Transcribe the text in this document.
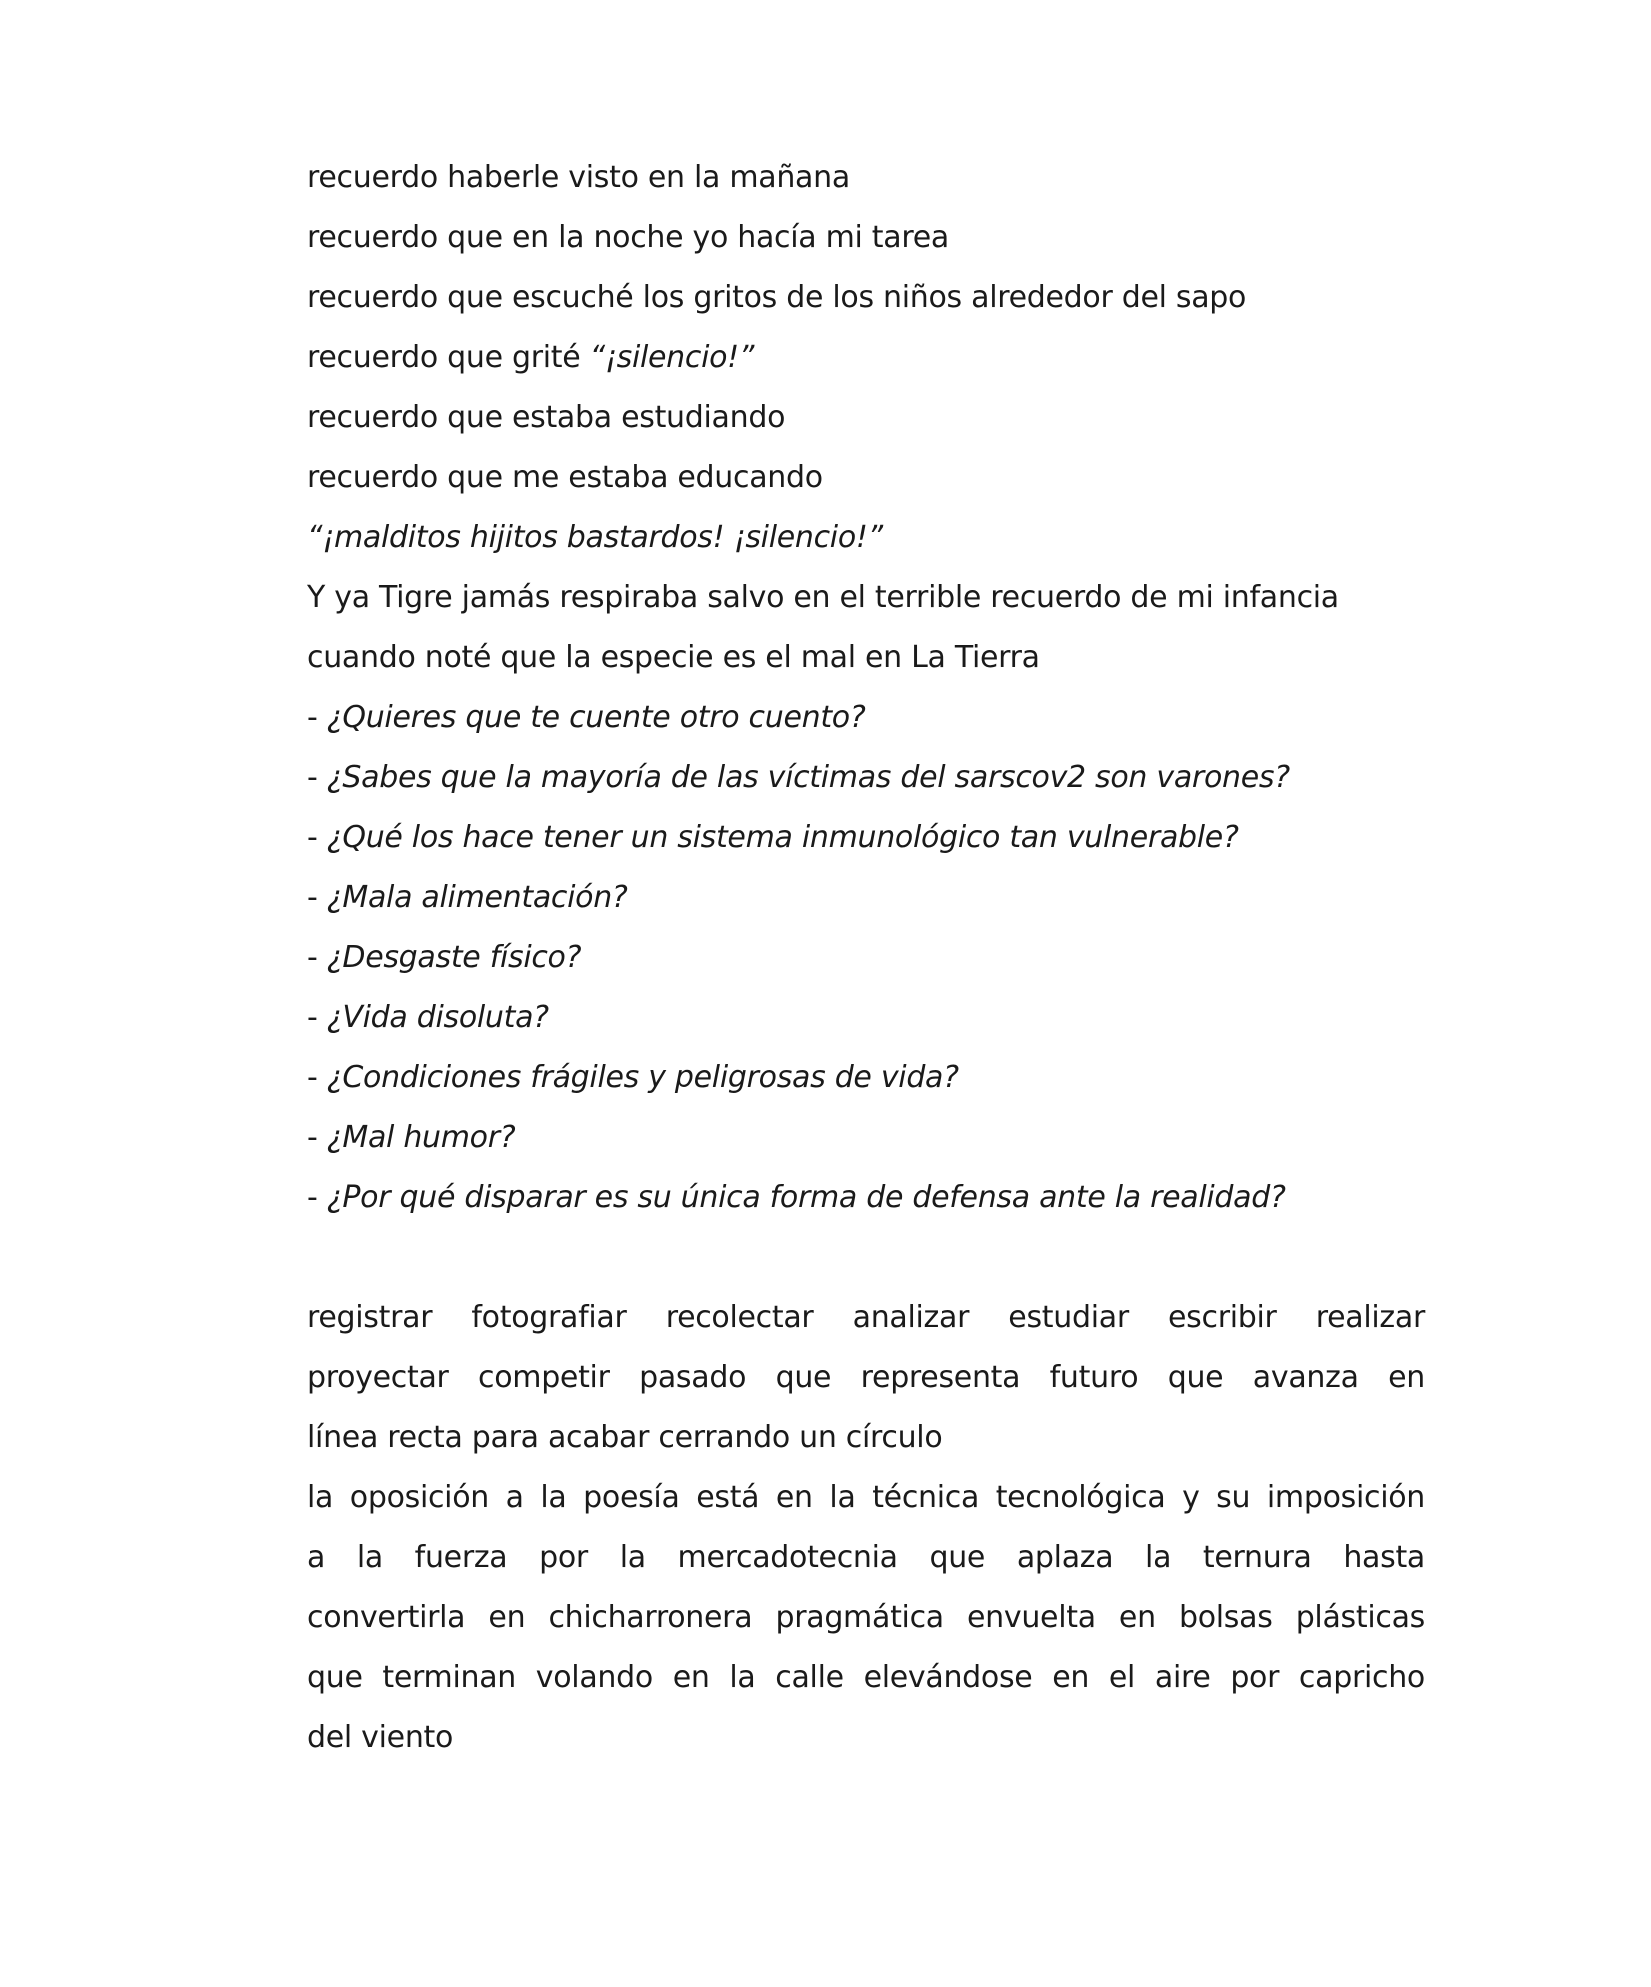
recuerdo haberle visto en la mañana
recuerdo que en la noche yo hacía mi tarea
recuerdo que escuché los gritos de los niños alrededor del sapo
recuerdo que grité “¡silencio!”
recuerdo que estaba estudiando
recuerdo que me estaba educando
“¡malditos hijitos bastardos! ¡silencio!”
Y ya Tigre jamás respiraba salvo en el terrible recuerdo de mi infancia
cuando noté que la especie es el mal en La Tierra
- ¿Quieres que te cuente otro cuento?
- ¿Sabes que la mayoría de las víctimas del sarscov2 son varones?
- ¿Qué los hace tener un sistema inmunológico tan vulnerable?
- ¿Mala alimentación?
- ¿Desgaste físico?
- ¿Vida disoluta?
- ¿Condiciones frágiles y peligrosas de vida?
- ¿Mal humor?
- ¿Por qué disparar es su única forma de defensa ante la realidad?
registrar fotografiar recolectar analizar estudiar escribir realizar
proyectar competir pasado que representa futuro que avanza en
línea recta para acabar cerrando un círculo
la oposición a la poesía está en la técnica tecnológica y su imposición
a la fuerza por la mercadotecnia que aplaza la ternura hasta
convertirla en chicharronera pragmática envuelta en bolsas plásticas
que terminan volando en la calle elevándose en el aire por capricho
del viento
